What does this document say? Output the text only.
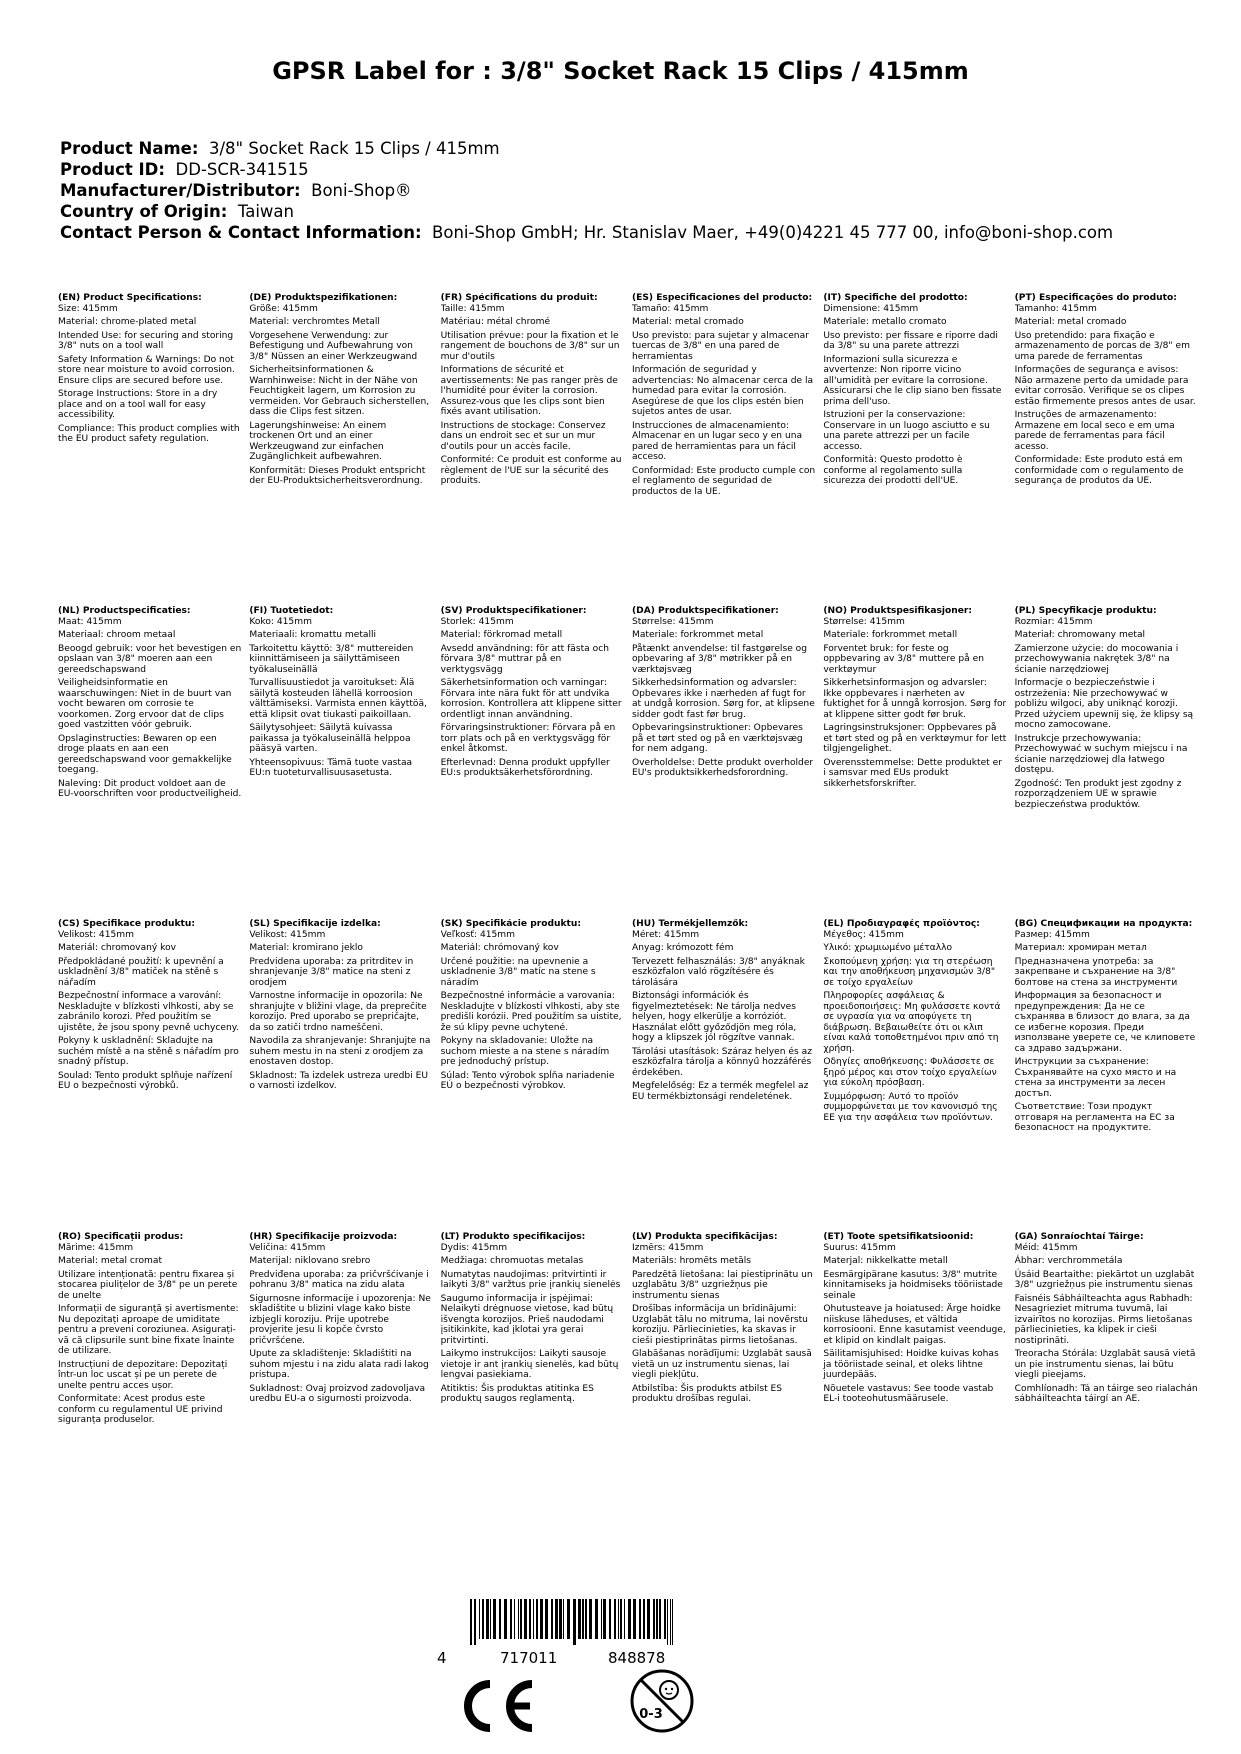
GPSR Label for : 3/8" Socket Rack 15 Clips / 415mm
Product Name: 3/8" Socket Rack 15 Clips / 415mm
Product ID: DD-SCR-341515
Manufacturer/Distributor: Boni-Shop®
Country of Origin: Taiwan
Contact Person & Contact Information: Boni-Shop GmbH; Hr. Stanislav Maer, +49(0)4221 45 777 00, info@boni-shop.com
(EN) Product Specifications:

Size: 415mm

Material: chrome-plated metal

Intended Use: for securing and storing 3/8" nuts on a tool wall

Safety Information & Warnings: Do not store near moisture to avoid corrosion. Ensure clips are secured before use.

Storage Instructions: Store in a dry place and on a tool wall for easy accessibility.

Compliance: This product complies with the EU product safety regulation.

(DE) Produktspezifikationen:

Größe: 415mm

Material: verchromtes Metall

Vorgesehene Verwendung: zur Befestigung und Aufbewahrung von 3/8" Nüssen an einer Werkzeugwand

Sicherheitsinformationen & Warnhinweise: Nicht in der Nähe von Feuchtigkeit lagern, um Korrosion zu vermeiden. Vor Gebrauch sicherstellen, dass die Clips fest sitzen.

Lagerungshinweise: An einem trockenen Ort und an einer Werkzeugwand zur einfachen Zugänglichkeit aufbewahren.

Konformität: Dieses Produkt entspricht der EU-Produktsicherheitsverordnung.

(FR) Spécifications du produit:

Taille: 415mm

Matériau: métal chromé

Utilisation prévue: pour la fixation et le rangement de bouchons de 3/8" sur un mur d'outils

Informations de sécurité et avertissements: Ne pas ranger près de l'humidité pour éviter la corrosion. Assurez-vous que les clips sont bien fixés avant utilisation.

Instructions de stockage: Conservez dans un endroit sec et sur un mur d'outils pour un accès facile.

Conformité: Ce produit est conforme au règlement de l'UE sur la sécurité des produits.

(ES) Especificaciones del producto:

Tamaño: 415mm

Material: metal cromado

Uso previsto: para sujetar y almacenar tuercas de 3/8" en una pared de herramientas

Información de seguridad y advertencias: No almacenar cerca de la humedad para evitar la corrosión. Asegúrese de que los clips estén bien sujetos antes de usar.

Instrucciones de almacenamiento: Almacenar en un lugar seco y en una pared de herramientas para un fácil acceso.

Conformidad: Este producto cumple con el reglamento de seguridad de productos de la UE.

(IT) Specifiche del prodotto:

Dimensione: 415mm

Materiale: metallo cromato

Uso previsto: per fissare e riporre dadi da 3/8" su una parete attrezzi

Informazioni sulla sicurezza e avvertenze: Non riporre vicino all'umidità per evitare la corrosione. Assicurarsi che le clip siano ben fissate prima dell'uso.

Istruzioni per la conservazione: Conservare in un luogo asciutto e su una parete attrezzi per un facile accesso.

Conformità: Questo prodotto è conforme al regolamento sulla sicurezza dei prodotti dell'UE.

(PT) Especificações do produto:

Tamanho: 415mm

Material: metal cromado

Uso pretendido: para fixação e armazenamento de porcas de 3/8" em uma parede de ferramentas

Informações de segurança e avisos: Não armazene perto da umidade para evitar corrosão. Verifique se os clipes estão firmemente presos antes de usar.

Instruções de armazenamento: Armazene em local seco e em uma parede de ferramentas para fácil acesso.

Conformidade: Este produto está em conformidade com o regulamento de segurança de produtos da UE.

(NL) Productspecificaties:

Maat: 415mm

Materiaal: chroom metaal

Beoogd gebruik: voor het bevestigen en opslaan van 3/8" moeren aan een gereedschapswand

Veiligheidsinformatie en waarschuwingen: Niet in de buurt van vocht bewaren om corrosie te voorkomen. Zorg ervoor dat de clips goed vastzitten vóór gebruik.

Opslaginstructies: Bewaren op een droge plaats en aan een gereedschapswand voor gemakkelijke toegang.

Naleving: Dit product voldoet aan de EU-voorschriften voor productveiligheid.

(FI) Tuotetiedot:

Koko: 415mm

Materiaali: kromattu metalli

Tarkoitettu käyttö: 3/8" muttereiden kiinnittämiseen ja säilyttämiseen työkaluseinällä

Turvallisuustiedot ja varoitukset: Älä säilytä kosteuden lähellä korroosion välttämiseksi. Varmista ennen käyttöä, että klipsit ovat tiukasti paikoillaan.

Säilytysohjeet: Säilytä kuivassa paikassa ja työkaluseinällä helppoa pääsyä varten.

Yhteensopivuus: Tämä tuote vastaa EU:n tuoteturvallisuusasetusta.

(SV) Produktspecifikationer:

Storlek: 415mm

Material: förkromad metall

Avsedd användning: för att fästa och förvara 3/8" muttrar på en verktygsvägg

Säkerhetsinformation och varningar: Förvara inte nära fukt för att undvika korrosion. Kontrollera att klippene sitter ordentligt innan användning.

Förvaringsinstruktioner: Förvara på en torr plats och på en verktygsvägg för enkel åtkomst.

Efterlevnad: Denna produkt uppfyller EU:s produktsäkerhetsförordning.

(DA) Produktspecifikationer:

Størrelse: 415mm

Materiale: forkrommet metal

Påtænkt anvendelse: til fastgørelse og opbevaring af 3/8" møtrikker på en værktøjsvæg

Sikkerhedsinformation og advarsler: Opbevares ikke i nærheden af fugt for at undgå korrosion. Sørg for, at klipsene sidder godt fast før brug.

Opbevaringsinstruktioner: Opbevares på et tørt sted og på en værktøjsvæg for nem adgang.

Overholdelse: Dette produkt overholder EU's produktsikkerhedsforordning.

(NO) Produktspesifikasjoner:

Størrelse: 415mm

Materiale: forkrommet metall

Forventet bruk: for feste og oppbevaring av 3/8" muttere på en verktøymur

Sikkerhetsinformasjon og advarsler: Ikke oppbevares i nærheten av fuktighet for å unngå korrosjon. Sørg for at klippene sitter godt før bruk.

Lagringsinstruksjoner: Oppbevares på et tørt sted og på en verktøymur for lett tilgjengelighet.

Overensstemmelse: Dette produktet er i samsvar med EUs produkt sikkerhetsforskrifter.

(PL) Specyfikacje produktu:

Rozmiar: 415mm

Materiał: chromowany metal

Zamierzone użycie: do mocowania i przechowywania nakrętek 3/8" na ścianie narzędziowej

Informacje o bezpieczeństwie i ostrzeżenia: Nie przechowywać w pobliżu wilgoci, aby uniknąć korozji. Przed użyciem upewnij się, że klipsy są mocno zamocowane.

Instrukcje przechowywania: Przechowywać w suchym miejscu i na ścianie narzędziowej dla łatwego dostępu.

Zgodność: Ten produkt jest zgodny z rozporządzeniem UE w sprawie bezpieczeństwa produktów.

(CS) Specifikace produktu:

Velikost: 415mm

Materiál: chromovaný kov

Předpokládané použití: k upevnění a uskladnění 3/8" matiček na stěně s nářadím

Bezpečnostní informace a varování: Neskladujte v blízkosti vlhkosti, aby se zabránilo korozi. Před použitím se ujistěte, že jsou spony pevně uchyceny.

Pokyny k uskladnění: Skladujte na suchém místě a na stěně s nářadím pro snadný přístup.

Soulad: Tento produkt splňuje nařízení EU o bezpečnosti výrobků.

(SL) Specifikacije izdelka:

Velikost: 415mm

Material: kromirano jeklo

Predvidena uporaba: za pritrditev in shranjevanje 3/8" matice na steni z orodjem

Varnostne informacije in opozorila: Ne shranjujte v bližini vlage, da preprečite korozijo. Pred uporabo se prepričajte, da so zatiči trdno nameščeni.

Navodila za shranjevanje: Shranjujte na suhem mestu in na steni z orodjem za enostaven dostop.

Skladnost: Ta izdelek ustreza uredbi EU o varnosti izdelkov.

(SK) Špecifikácie produktu:

Veľkosť: 415mm

Materiál: chrómovaný kov

Určené použitie: na upevnenie a uskladnenie 3/8" matíc na stene s náradím

Bezpečnostné informácie a varovania: Neskladujte v blízkosti vlhkosti, aby ste predišli korózii. Pred použitím sa uistite, že sú klipy pevne uchytené.

Pokyny na skladovanie: Uložte na suchom mieste a na stene s náradím pre jednoduchý prístup.

Súlad: Tento výrobok spĺňa nariadenie EÚ o bezpečnosti výrobkov.

(HU) Termékjellemzők:

Méret: 415mm

Anyag: krómozott fém

Tervezett felhasználás: 3/8" anyáknak eszközfalon való rögzítésére és tárolására

Biztonsági információk és figyelmeztetések: Ne tárolja nedves helyen, hogy elkerülje a korróziót. Használat előtt győződjön meg róla, hogy a klipszek jól rögzítve vannak.

Tárolási utasítások: Száraz helyen és az eszközfalra tárolja a könnyű hozzáférés érdekében.

Megfelelőség: Ez a termék megfelel az EU termékbiztonsági rendeletének.

(EL) Προδιαγραφές προϊόντος:

Μέγεθος: 415mm

Υλικό: χρωμιωμένο μέταλλο

Σκοπούμενη χρήση: για τη στερέωση και την αποθήκευση μηχανισμών 3/8" σε τοίχο εργαλείων

Πληροφορίες ασφάλειας & προειδοποιήσεις: Μη φυλάσσετε κοντά σε υγρασία για να αποφύγετε τη διάβρωση. Βεβαιωθείτε ότι οι κλιπ είναι καλά τοποθετημένοι πριν από τη χρήση.

Οδηγίες αποθήκευσης: Φυλάσσετε σε ξηρό μέρος και στον τοίχο εργαλείων για εύκολη πρόσβαση.

Συμμόρφωση: Αυτό το προϊόν συμμορφώνεται με τον κανονισμό της ΕΕ για την ασφάλεια των προϊόντων.

(BG) Спецификации на продукта:

Размер: 415mm

Материал: хромиран метал

Предназначена употреба: за закрепване и съхранение на 3/8" болтове на стена за инструменти

Информация за безопасност и предупреждения: Да не се съхранява в близост до влага, за да се избегне корозия. Преди използване уверете се, че клиповете са здраво задържани.

Инструкции за съхранение: Съхранявайте на сухо място и на стена за инструменти за лесен достъп.

Съответствие: Този продукт отговаря на регламента на ЕС за безопасност на продуктите.

(RO) Specificații produs:

Mărime: 415mm

Material: metal cromat

Utilizare intenționată: pentru fixarea și stocarea piulițelor de 3/8" pe un perete de unelte

Informații de siguranță și avertismente: Nu depozitați aproape de umiditate pentru a preveni coroziunea. Asigurați-vă că clipsurile sunt bine fixate înainte de utilizare.

Instrucțiuni de depozitare: Depozitați într-un loc uscat și pe un perete de unelte pentru acces ușor.

Conformitate: Acest produs este conform cu regulamentul UE privind siguranța produselor.

(HR) Specifikacije proizvoda:

Veličina: 415mm

Materijal: niklovano srebro

Predviđena uporaba: za pričvršćivanje i pohranu 3/8" matica na zidu alata

Sigurnosne informacije i upozorenja: Ne skladištite u blizini vlage kako biste izbjegli koroziju. Prije upotrebe provjerite jesu li kopče čvrsto pričvršćene.

Upute za skladištenje: Skladištiti na suhom mjestu i na zidu alata radi lakog pristupa.

Sukladnost: Ovaj proizvod zadovoljava uredbu EU-a o sigurnosti proizvoda.

(LT) Produkto specifikacijos:

Dydis: 415mm

Medžiaga: chromuotas metalas

Numatytas naudojimas: pritvirtinti ir laikyti 3/8" varžtus prie įrankių sienelės

Saugumo informacija ir įspėjimai: Nelaikyti drėgnuose vietose, kad būtų išvengta korozijos. Prieš naudodami įsitikinkite, kad įklotai yra gerai pritvirtinti.

Laikymo instrukcijos: Laikyti sausoje vietoje ir ant įrankių sienelės, kad būtų lengvai pasiekiama.

Atitiktis: Šis produktas atitinka ES produktų saugos reglamentą.

(LV) Produkta specifikācijas:

Izmērs: 415mm

Materiāls: hromēts metāls

Paredzētā lietošana: lai piestiprinātu un uzglabātu 3/8" uzgriežņus pie instrumentu sienas

Drošības informācija un brīdinājumi: Uzglabāt tālu no mitruma, lai novērstu koroziju. Pārliecinieties, ka skavas ir cieši piestiprinātas pirms lietošanas.

Glabāšanas norādījumi: Uzglabāt sausā vietā un uz instrumentu sienas, lai viegli piekļūtu.

Atbilstība: Šis produkts atbilst ES produktu drošības regulai.

(ET) Toote spetsifikatsioonid:

Suurus: 415mm

Materjal: nikkelkatte metall

Eesmärgipärane kasutus: 3/8" mutrite kinnitamiseks ja hoidmiseks tööriistade seinale

Ohutusteave ja hoiatused: Ärge hoidke niiskuse läheduses, et vältida korrosiooni. Enne kasutamist veenduge, et klipid on kindlalt paigas.

Säilitamisjuhised: Hoidke kuivas kohas ja tööriistade seinal, et oleks lihtne juurdepääs.

Nõuetele vastavus: See toode vastab EL-i tooteohutusmäärusele.

(GA) Sonraíochtaí Táirge:

Méid: 415mm

Ábhar: verchrommetála

Úsáid Beartaithe: piekārtot un uzglabāt 3/8" uzgriežņus pie instrumentu sienas

Faisnéis Sábháilteachta agus Rabhadh: Nesagrieziet mitruma tuvumā, lai izvairītos no korozijas. Pirms lietošanas pārliecinieties, ka klipek ir cieši nostiprināti.

Treoracha Stórála: Uzglabāt sausā vietā un pie instrumentu sienas, lai būtu viegli pieejams.

Comhlíonadh: Tá an táirge seo rialachán sábháilteachta táirgí an AE.

4	717011	848878
0-3
